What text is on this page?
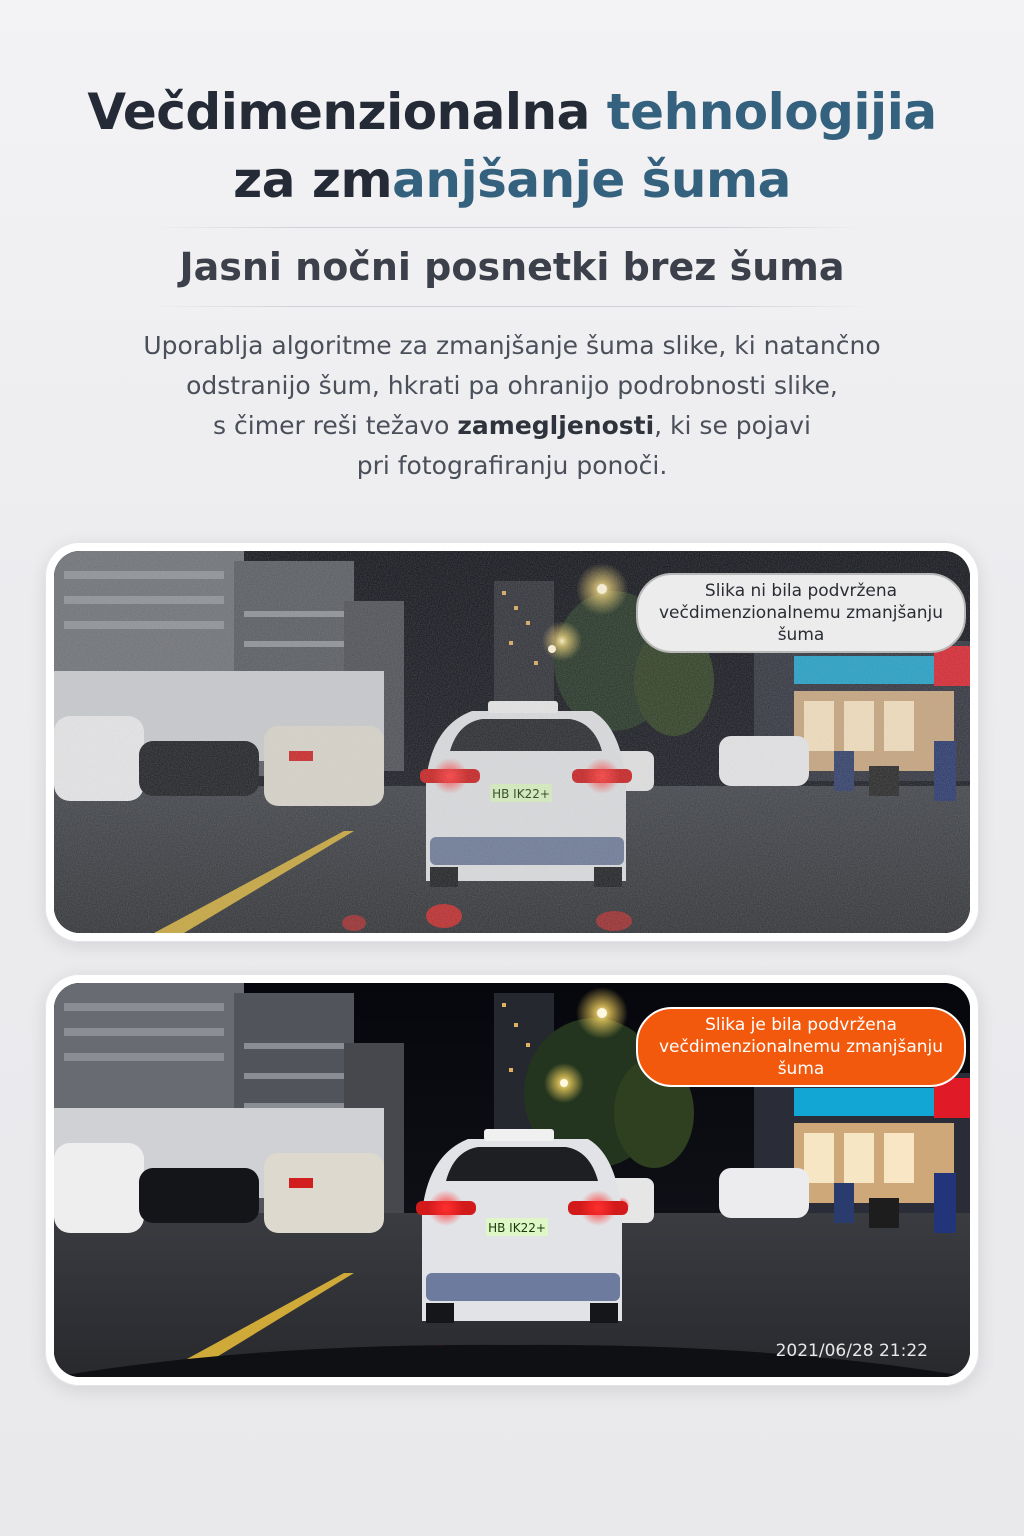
Večdimenzionalna tehnologijia
za zmanjšanje šuma
Jasni nočni posnetki brez šuma
Uporablja algoritme za zmanjšanje šuma slike, ki natančno
odstranijo šum, hkrati pa ohranijo podrobnosti slike,
s čimer reši težavo zamegljenosti, ki se pojavi
pri fotografiranju ponoči.
Slika ni bila podvržena večdimenzionalnemu zmanjšanju šuma
HB IK22+
Slika je bila podvržena večdimenzionalnemu zmanjšanju šuma
2021/06/28 21:22
